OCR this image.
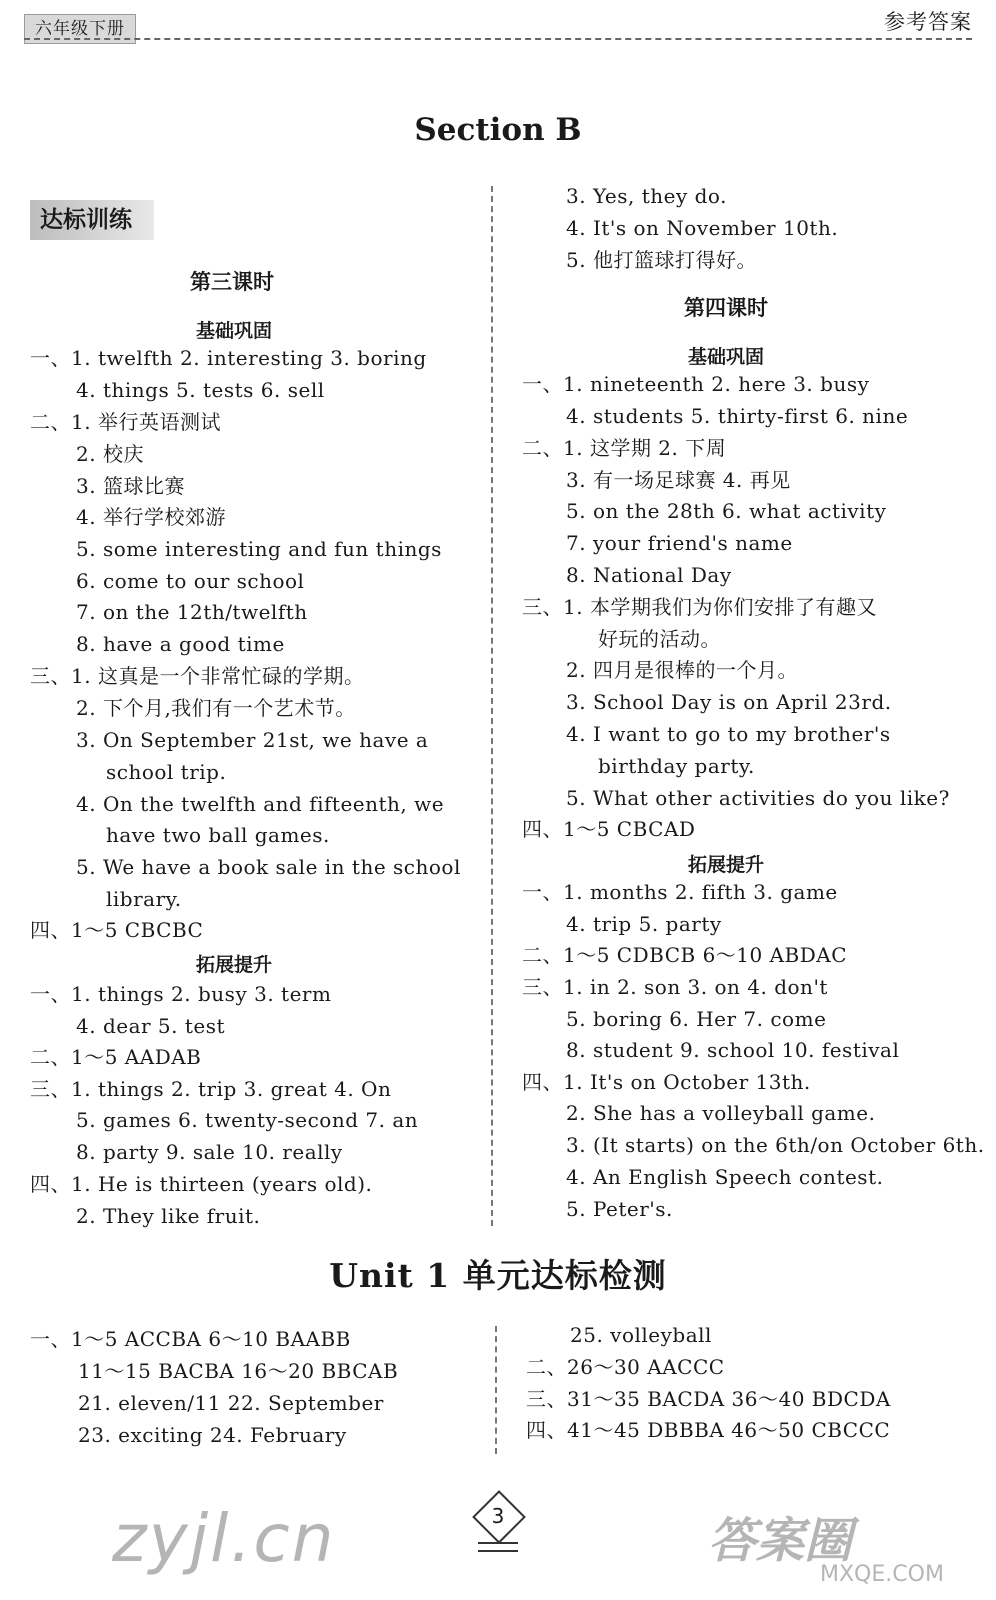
六年级下册	参考答案
Section B
达标训练
第三课时
基础巩固
一、1. twelfth 2. interesting 3. boring
4. things 5. tests 6. sell
二、1. 举行英语测试
2. 校庆
3. 篮球比赛
4. 举行学校郊游
5. some interesting and fun things
6. come to our school
7. on the 12th/twelfth
8. have a good time
三、1. 这真是一个非常忙碌的学期。
2. 下个月,我们有一个艺术节。
3. On September 21st, we have a
school trip.
4. On the twelfth and fifteenth, we
have two ball games.
5. We have a book sale in the school
library.
四、1～5 CBCBC
拓展提升
一、1. things 2. busy 3. term
4. dear 5. test
二、1～5 AADAB
三、1. things 2. trip 3. great 4. On
5. games 6. twenty-second 7. an
8. party 9. sale 10. really
四、1. He is thirteen (years old).
2. They like fruit.
3. Yes, they do.
4. It's on November 10th.
5. 他打篮球打得好。
第四课时
基础巩固
一、1. nineteenth 2. here 3. busy
4. students 5. thirty-first 6. nine
二、1. 这学期 2. 下周
3. 有一场足球赛 4. 再见
5. on the 28th 6. what activity
7. your friend's name
8. National Day
三、1. 本学期我们为你们安排了有趣又
好玩的活动。
2. 四月是很棒的一个月。
3. School Day is on April 23rd.
4. I want to go to my brother's
birthday party.
5. What other activities do you like?
四、1～5 CBCAD
拓展提升
一、1. months 2. fifth 3. game
4. trip 5. party
二、1～5 CDBCB 6～10 ABDAC
三、1. in 2. son 3. on 4. don't
5. boring 6. Her 7. come
8. student 9. school 10. festival
四、1. It's on October 13th.
2. She has a volleyball game.
3. (It starts) on the 6th/on October 6th.
4. An English Speech contest.
5. Peter's.
Unit 1 单元达标检测
一、1～5 ACCBA 6～10 BAABB
11～15 BACBA 16～20 BBCAB
21. eleven/11 22. September
23. exciting 24. February
25. volleyball
二、26～30 AACCC
三、31～35 BACDA 36～40 BDCDA
四、41～45 DBBBA 46～50 CBCCC
3
zyjl.cn	答案圈
MXQE.COM
